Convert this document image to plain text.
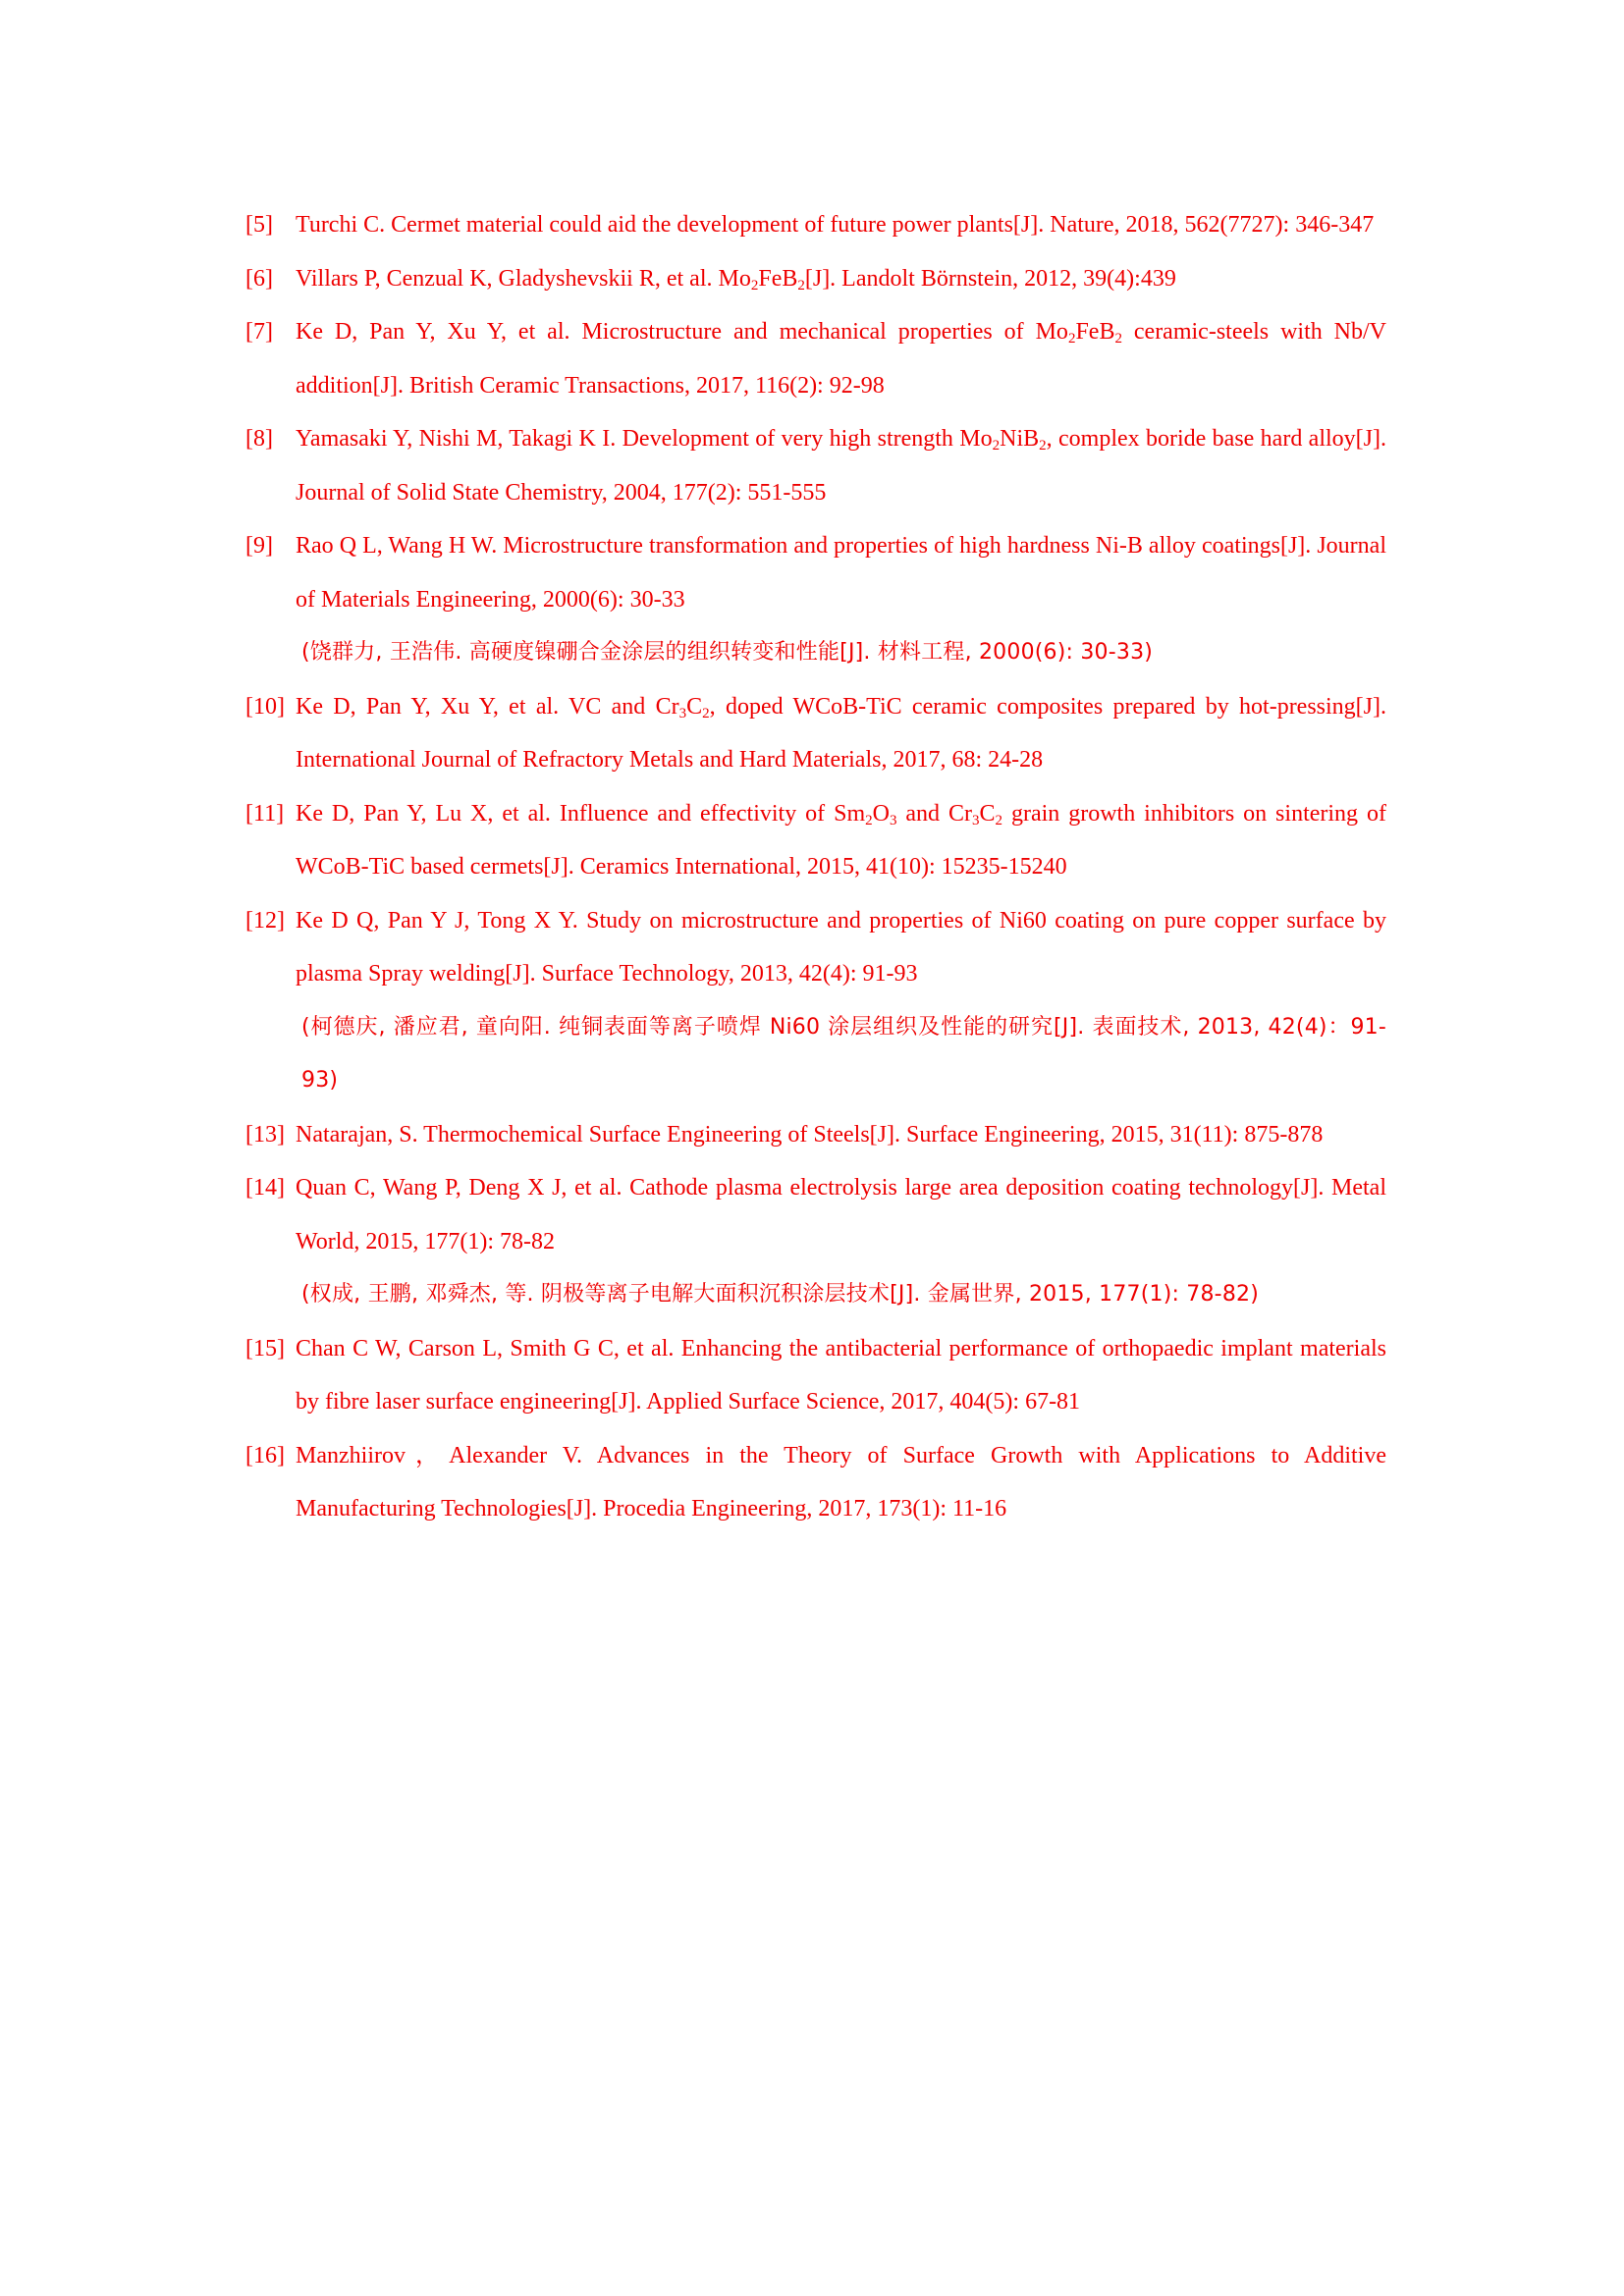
[5] Turchi C. Cermet material could aid the development of future power plants[J]. Nature, 2018, 562(7727): 346-347
[6] Villars P, Cenzual K, Gladyshevskii R, et al. $Mo_2FeB_2[J]$. Landolt Börnstein, 2012, 39(4):439
[7] Ke D, Pan Y, Xu Y, et al. Microstructure and mechanical properties of $Mo_2FeB_2$ ceramic-steels with Nb/V addition[J]. British Ceramic Transactions, 2017, 116(2): 92-98
[8] Yamasaki Y, Nishi M, Takagi K I. Development of very high strength $Mo_2NiB_2$, complex boride base hard alloy[J]. Journal of Solid State Chemistry, 2004, 177(2): 551-555
[9] Rao Q L, Wang H W. Microstructure transformation and properties of high hardness Ni-B alloy coatings[J]. Journal of Materials Engineering, 2000(6): 30-33
(饶群力, 王浩伟. 高硬度镍硼合金涂层的组织转变和性能[J]. 材料工程, 2000(6): 30-33)
[10] Ke D, Pan Y, Xu Y, et al. VC and $Cr_3C_2$, doped WCoB-TiC ceramic composites prepared by hot-pressing[J]. International Journal of Refractory Metals and Hard Materials, 2017, 68: 24-28
[11] Ke D, Pan Y, Lu X, et al. Influence and effectivity of $Sm_2O_3$ and $Cr_3C_2$ grain growth inhibitors on sintering of WCoB-TiC based cermets[J]. Ceramics International, 2015, 41(10): 15235-15240
[12] Ke D Q, Pan Y J, Tong X Y. Study on microstructure and properties of Ni60 coating on pure copper surface by plasma Spray welding[J]. Surface Technology, 2013, 42(4): 91-93
(柯德庆, 潘应君, 童向阳. 纯铜表面等离子喷焊 Ni60 涂层组织及性能的研究[J]. 表面技术, 2013, 42(4)：91-93)
[13] Natarajan, S. Thermochemical Surface Engineering of Steels[J]. Surface Engineering, 2015, 31(11): 875-878
[14] Quan C, Wang P, Deng X J, et al. Cathode plasma electrolysis large area deposition coating technology[J]. Metal World, 2015, 177(1): 78-82
(权成, 王鹏, 邓舜杰, 等. 阴极等离子电解大面积沉积涂层技术[J]. 金属世界, 2015, 177(1): 78-82)
[15] Chan C W, Carson L, Smith G C, et al. Enhancing the antibacterial performance of orthopaedic implant materials by fibre laser surface engineering[J]. Applied Surface Science, 2017, 404(5): 67-81
[16] Manzhiirov，Alexander V. Advances in the Theory of Surface Growth with Applications to Additive Manufacturing Technologies[J]. Procedia Engineering, 2017, 173(1): 11-16
